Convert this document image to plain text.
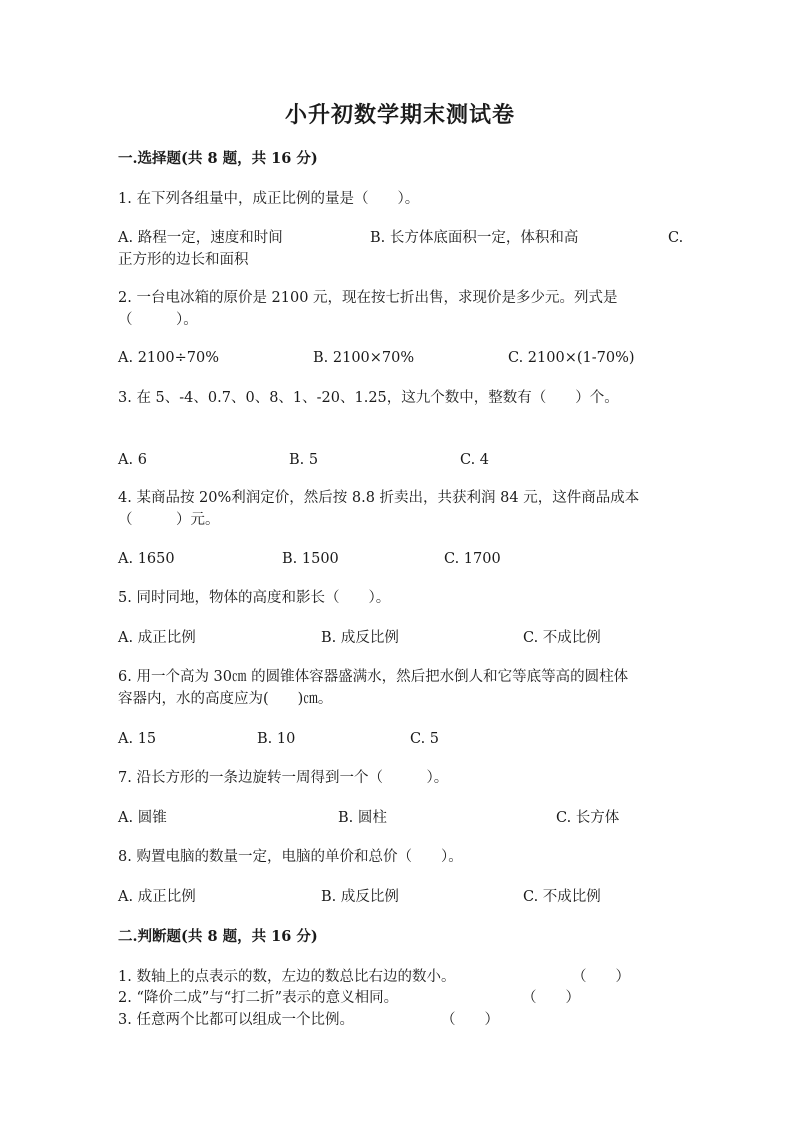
小升初数学期末测试卷
一.选择题(共 8 题，共 16 分)
1. 在下列各组量中，成正比例的量是（　　）。
A. 路程一定，速度和时间	B. 长方体底面积一定，体积和高	C.
正方形的边长和面积
2. 一台电冰箱的原价是 2100 元，现在按七折出售，求现价是多少元。列式是
（　　　）。
A. 2100÷70%	B. 2100×70%	C. 2100×(1-70%)
3. 在 5、-4、0.7、0、8、1、-20、1.25，这九个数中，整数有（　　）个。
A. 6	B. 5	C. 4
4. 某商品按 20%利润定价，然后按 8.8 折卖出，共获利润 84 元，这件商品成本
（　　　）元。
A. 1650	B. 1500	C. 1700
5. 同时同地，物体的高度和影长（　　）。
A. 成正比例	B. 成反比例	C. 不成比例
6. 用一个高为 30㎝ 的圆锥体容器盛满水，然后把水倒人和它等底等高的圆柱体
容器内，水的高度应为(　　)㎝。
A. 15	B. 10	C. 5
7. 沿长方形的一条边旋转一周得到一个（　　　）。
A. 圆锥	B. 圆柱	C. 长方体
8. 购置电脑的数量一定，电脑的单价和总价（　　）。
A. 成正比例	B. 成反比例	C. 不成比例
二.判断题(共 8 题，共 16 分)
1. 数轴上的点表示的数，左边的数总比右边的数小。	（　　）
2. “降价二成”与“打二折”表示的意义相同。	（　　）
3. 任意两个比都可以组成一个比例。	（　　）
